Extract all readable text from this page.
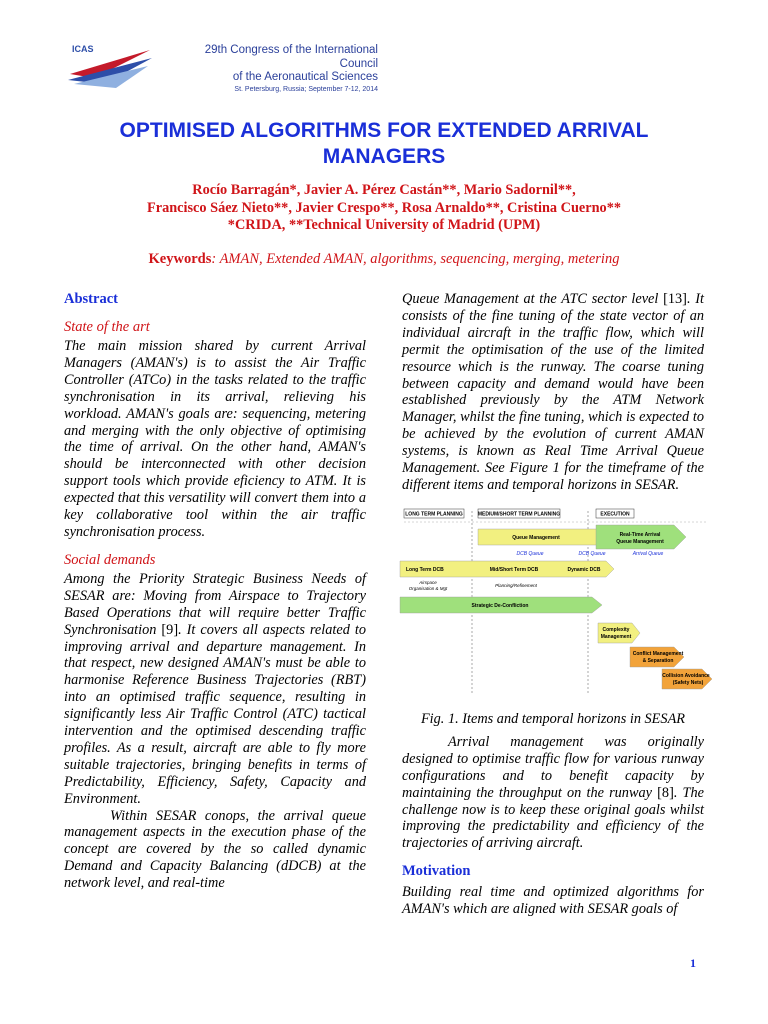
ICAS	29th Congress of the International Council
of the Aeronautical Sciences
St. Petersburg, Russia; September 7-12, 2014
OPTIMISED ALGORITHMS FOR EXTENDED ARRIVAL MANAGERS
Rocío Barragán*, Javier A. Pérez Castán**, Mario Sadornil**,
Francisco Sáez Nieto**, Javier Crespo**, Rosa Arnaldo**, Cristina Cuerno**
*CRIDA, **Technical University of Madrid (UPM)
Keywords: AMAN, Extended AMAN, algorithms, sequencing, merging, metering
Abstract
State of the art

The main mission shared by current Arrival Managers (AMAN's) is to assist the Air Traffic Controller (ATCo) in the tasks related to the traffic synchronisation in its arrival, relieving his workload. AMAN's goals are: sequencing, metering and merging with the only objective of optimising the time of arrival. On the other hand, AMAN's should be interconnected with other decision support tools which provide eficiency to ATM. It is expected that this versatility will convert them into a key collaborative tool within the air traffic synchronisation process.

Social demands

Among the Priority Strategic Business Needs of SESAR are: Moving from Airspace to Trajectory Based Operations that will require better Traffic Synchronisation [9]. It covers all aspects related to improving arrival and departure management. In that respect, new designed AMAN's must be able to harmonise Reference Business Trajectories (RBT) into an optimised traffic sequence, resulting in significantly less Air Traffic Control (ATC) tactical intervention and the optimised descending traffic profiles. As a result, aircraft are able to fly more suitable trajectories, bringing benefits in terms of Predictability, Efficiency, Safety, Capacity and Environment.

Within SESAR conops, the arrival queue management aspects in the execution phase of the concept are covered by the so called dynamic Demand and Capacity Balancing (dDCB) at the network level, and real-time

Queue Management at the ATC sector level [13]. It consists of the fine tuning of the state vector of an individual aircraft in the traffic flow, which will permit the optimisation of the use of the limited resource which is the runway. The coarse tuning between capacity and demand would have been established previously by the ATM Network Manager, whilst the fine tuning, which is expected to be achieved by the evolution of current AMAN systems, is known as Real Time Arrival Queue Management. See Figure 1 for the timeframe of the different items and temporal horizons in SESAR.

LONG TERM PLANNING	MEDIUM/SHORT TERM PLANNING	EXECUTION
Queue Management	Real-Time Arrival
Queue Management
DCB Queue	DCB Queue	Arrival Queue
Long Term DCB	Mid/Short Term DCB	Dynamic DCB
Airspace
Organisation & Mgt
Planning/Refinement
Strategic De-Confliction
Complexity
Management
Conflict Management
& Separation
Collision Avoidance
(Safety Nets)
Fig. 1. Items and temporal horizons in SESAR

Arrival management was originally designed to optimise traffic flow for various runway configurations and to benefit capacity by maintaining the throughput on the runway [8]. The challenge now is to keep these original goals whilst improving the predictability and efficiency of the trajectories of arriving aircraft.

Motivation

Building real time and optimized algorithms for AMAN's which are aligned with SESAR goals of

1
